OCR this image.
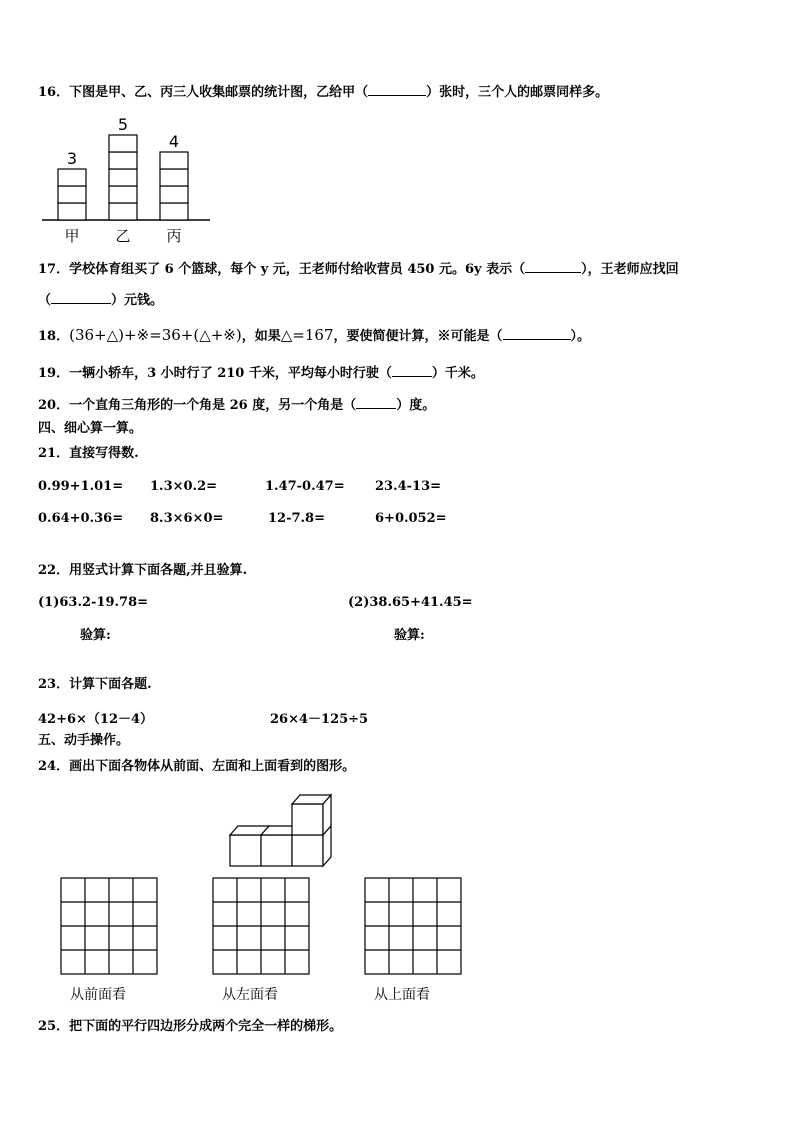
16．下图是甲、乙、丙三人收集邮票的统计图，乙给甲（	）张时，三个人的邮票同样多。
3
甲
5
乙
4
丙
17．学校体育组买了 6 个篮球，每个 y 元，王老师付给收营员 450 元。6y 表示（	），王老师应找回
（	）元钱。
18．(36+△)+※=36+(△+※)，如果△=167，要使简便计算，※可能是（	）。
19．一辆小轿车，3 小时行了 210 千米，平均每小时行驶（	）千米。
20．一个直角三角形的一个角是 26 度，另一个角是（	）度。
四、细心算一算。
21．直接写得数.
0.99+1.01= 1.3×0.2=	1.47-0.47= 23.4-13=
0.64+0.36= 8.3×6×0=	12-7.8=	6+0.052=
22．用竖式计算下面各题,并且验算.
(1)63.2-19.78=	(2)38.65+41.45=
验算:	验算:
23．计算下面各题.
42+6×（12－4）	26×4－125÷5
五、动手操作。
24．画出下面各物体从前面、左面和上面看到的图形。
从前面看	从左面看	从上面看
25．把下面的平行四边形分成两个完全一样的梯形。
